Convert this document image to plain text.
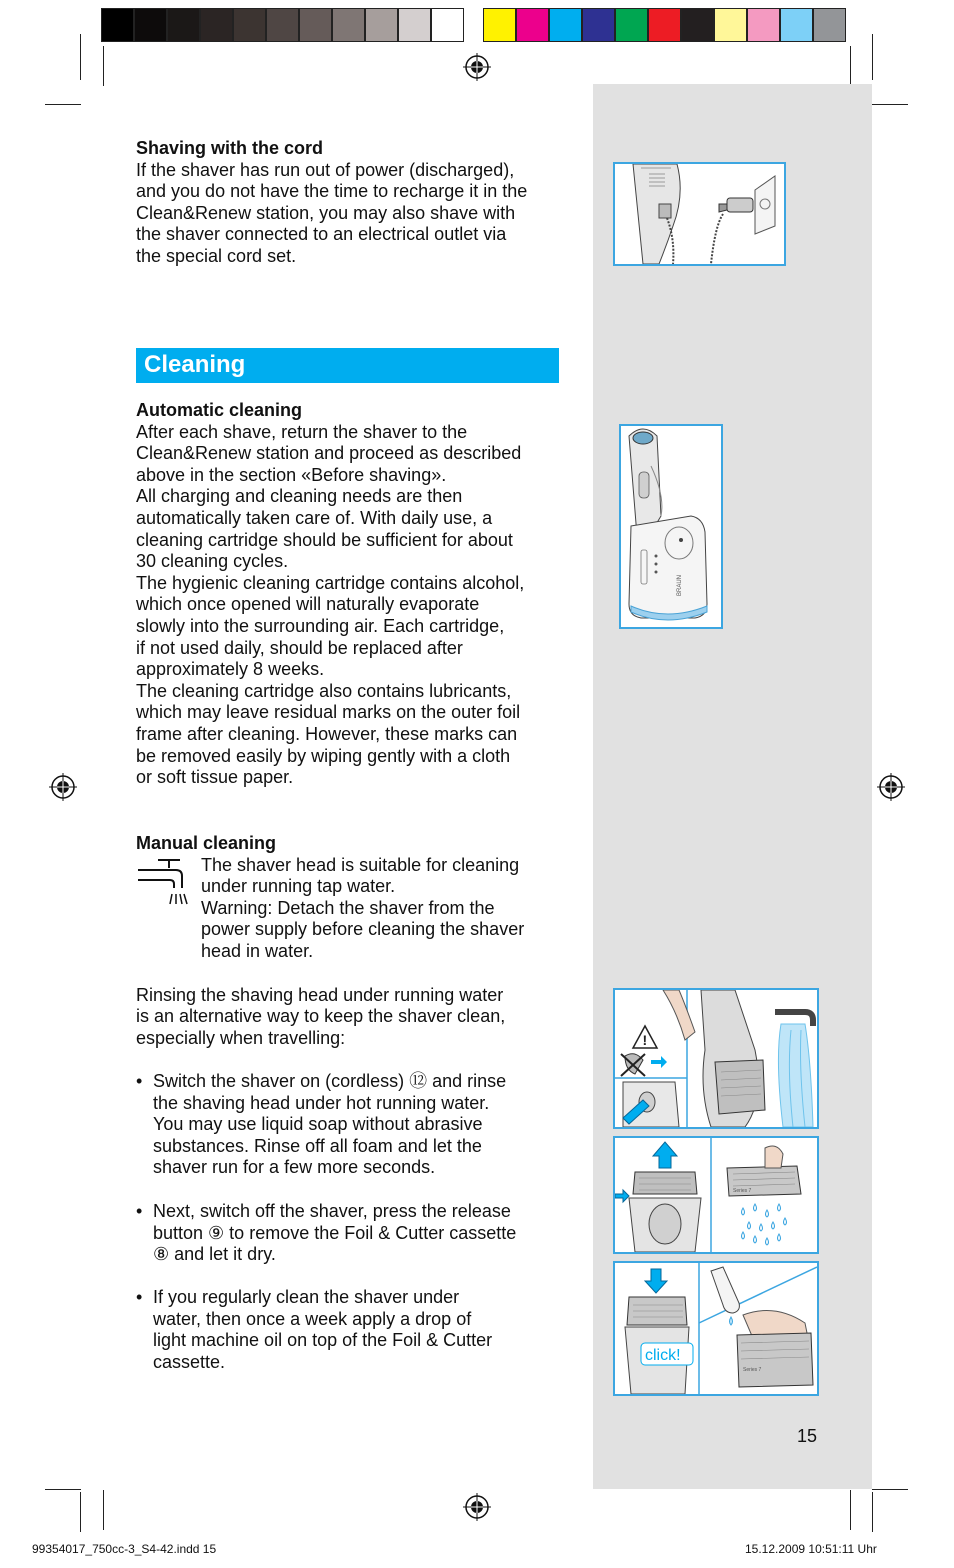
Shaving with the cord
If the shaver has run out of power (discharged),
and you do not have the time to recharge it in the
Clean&Renew station, you may also shave with
the shaver connected to an electrical outlet via
the special cord set.
Cleaning
Automatic cleaning
After each shave, return the shaver to the
Clean&Renew station and proceed as described
above in the section «Before shaving».
All charging and cleaning needs are then
automatically taken care of. With daily use, a
cleaning cartridge should be sufficient for about
30 cleaning cycles.
The hygienic cleaning cartridge contains alcohol,
which once opened will naturally evaporate
slowly into the surrounding air. Each cartridge,
if not used daily, should be replaced after
approximately 8 weeks.
The cleaning cartridge also contains lubricants,
which may leave residual marks on the outer foil
frame after cleaning. However, these marks can
be removed easily by wiping gently with a cloth
or soft tissue paper.
Manual cleaning
The shaver head is suitable for cleaning
under running tap water.
Warning: Detach the shaver from the
power supply before cleaning the shaver
head in water.
Rinsing the shaving head under running water
is an alternative way to keep the shaver clean,
especially when travelling:
• Switch the shaver on (cordless) ⑫ and rinse
the shaving head under hot running water.
You may use liquid soap without abrasive
substances. Rinse off all foam and let the
shaver run for a few more seconds.
• Next, switch off the shaver, press the release
button ⑨ to remove the Foil & Cutter cassette
⑧ and let it dry.
• If you regularly clean the shaver under
water, then once a week apply a drop of
light machine oil on top of the Foil & Cutter
cassette.
BRAUN
!
Series 7
click!
Series 7
15
99354017_750cc-3_S4-42.indd 15	15.12.2009 10:51:11 Uhr
